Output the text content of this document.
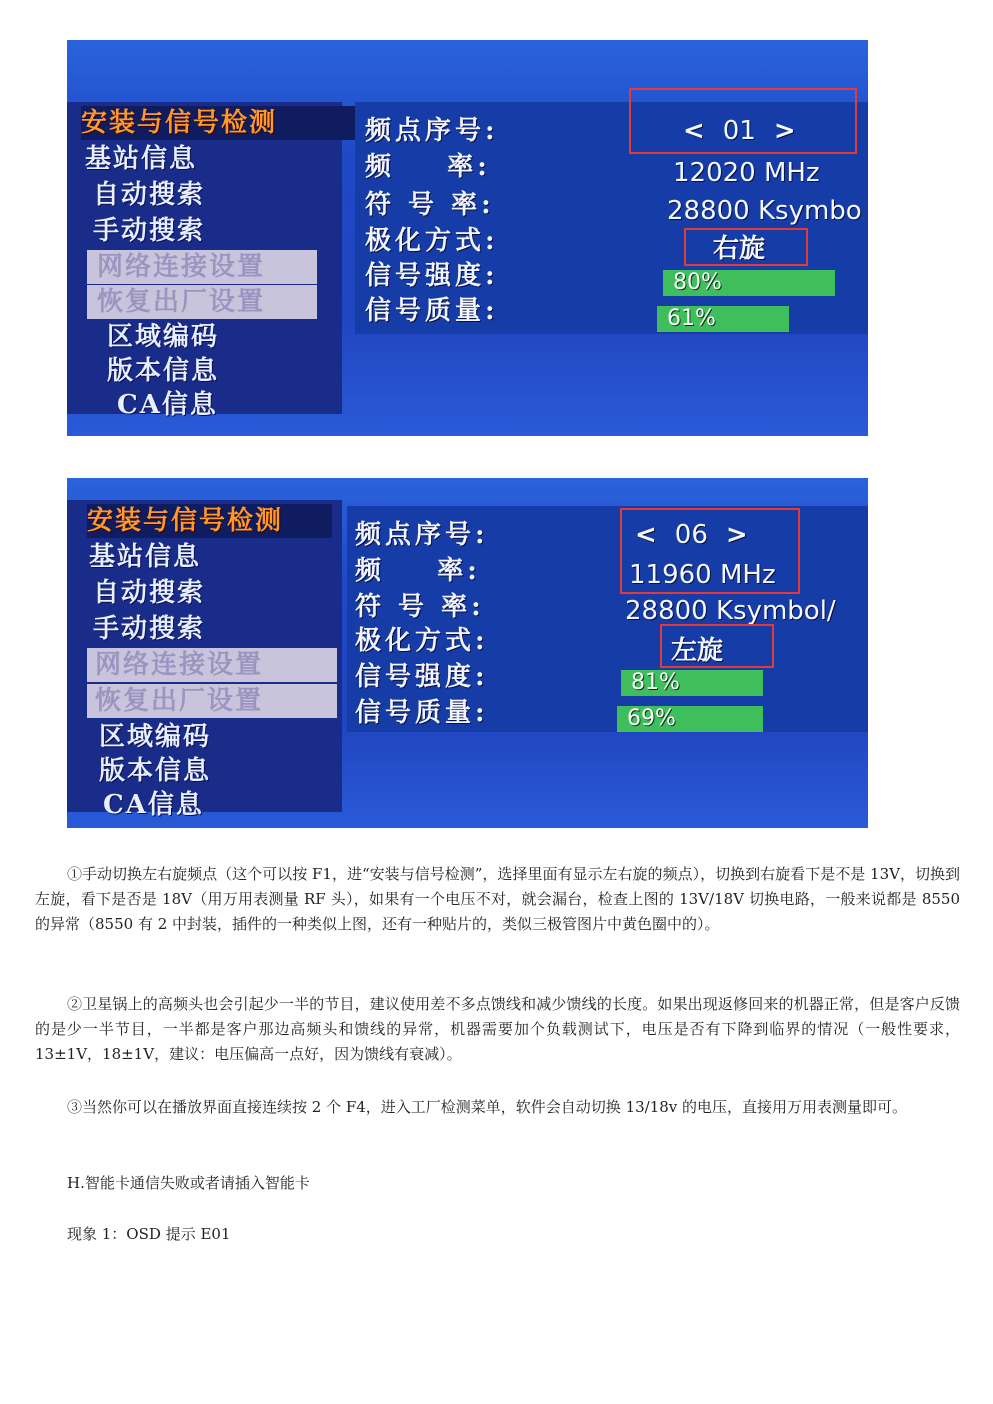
安装与信号检测
基站信息
自动搜索
手动搜索
网络连接设置
恢复出厂设置
区域编码
版本信息
CA信息
频点序号:
频    率:
符 号 率:
极化方式:
信号强度:
信号质量:
< 01 >
12020 MHz
28800 Ksymbo
右旋
80%
61%
安装与信号检测
基站信息
自动搜索
手动搜索
网络连接设置
恢复出厂设置
区域编码
版本信息
CA信息
频点序号:
频    率:
符 号 率:
极化方式:
信号强度:
信号质量:
< 06 >
11960 MHz
28800 Ksymbol/
左旋
81%
69%

①手动切换左右旋频点（这个可以按 F1，进“安装与信号检测”，选择里面有显示左右旋的频点），切换到右旋看下是不是 13V，切换到左旋，看下是否是 18V（用万用表测量 RF 头），如果有一个电压不对，就会漏台，检查上图的 13V/18V 切换电路，一般来说都是 8550 的异常（8550 有 2 中封装，插件的一种类似上图，还有一种贴片的，类似三极管图片中黄色圈中的）。

②卫星锅上的高频头也会引起少一半的节目，建议使用差不多点馈线和减少馈线的长度。如果出现返修回来的机器正常，但是客户反馈的是少一半节目，一半都是客户那边高频头和馈线的异常，机器需要加个负载测试下，电压是否有下降到临界的情况（一般性要求，13±1V，18±1V，建议：电压偏高一点好，因为馈线有衰减）。

③当然你可以在播放界面直接连续按 2 个 F4，进入工厂检测菜单，软件会自动切换 13/18v 的电压，直接用万用表测量即可。

H.智能卡通信失败或者请插入智能卡
现象 1：OSD 提示 E01
